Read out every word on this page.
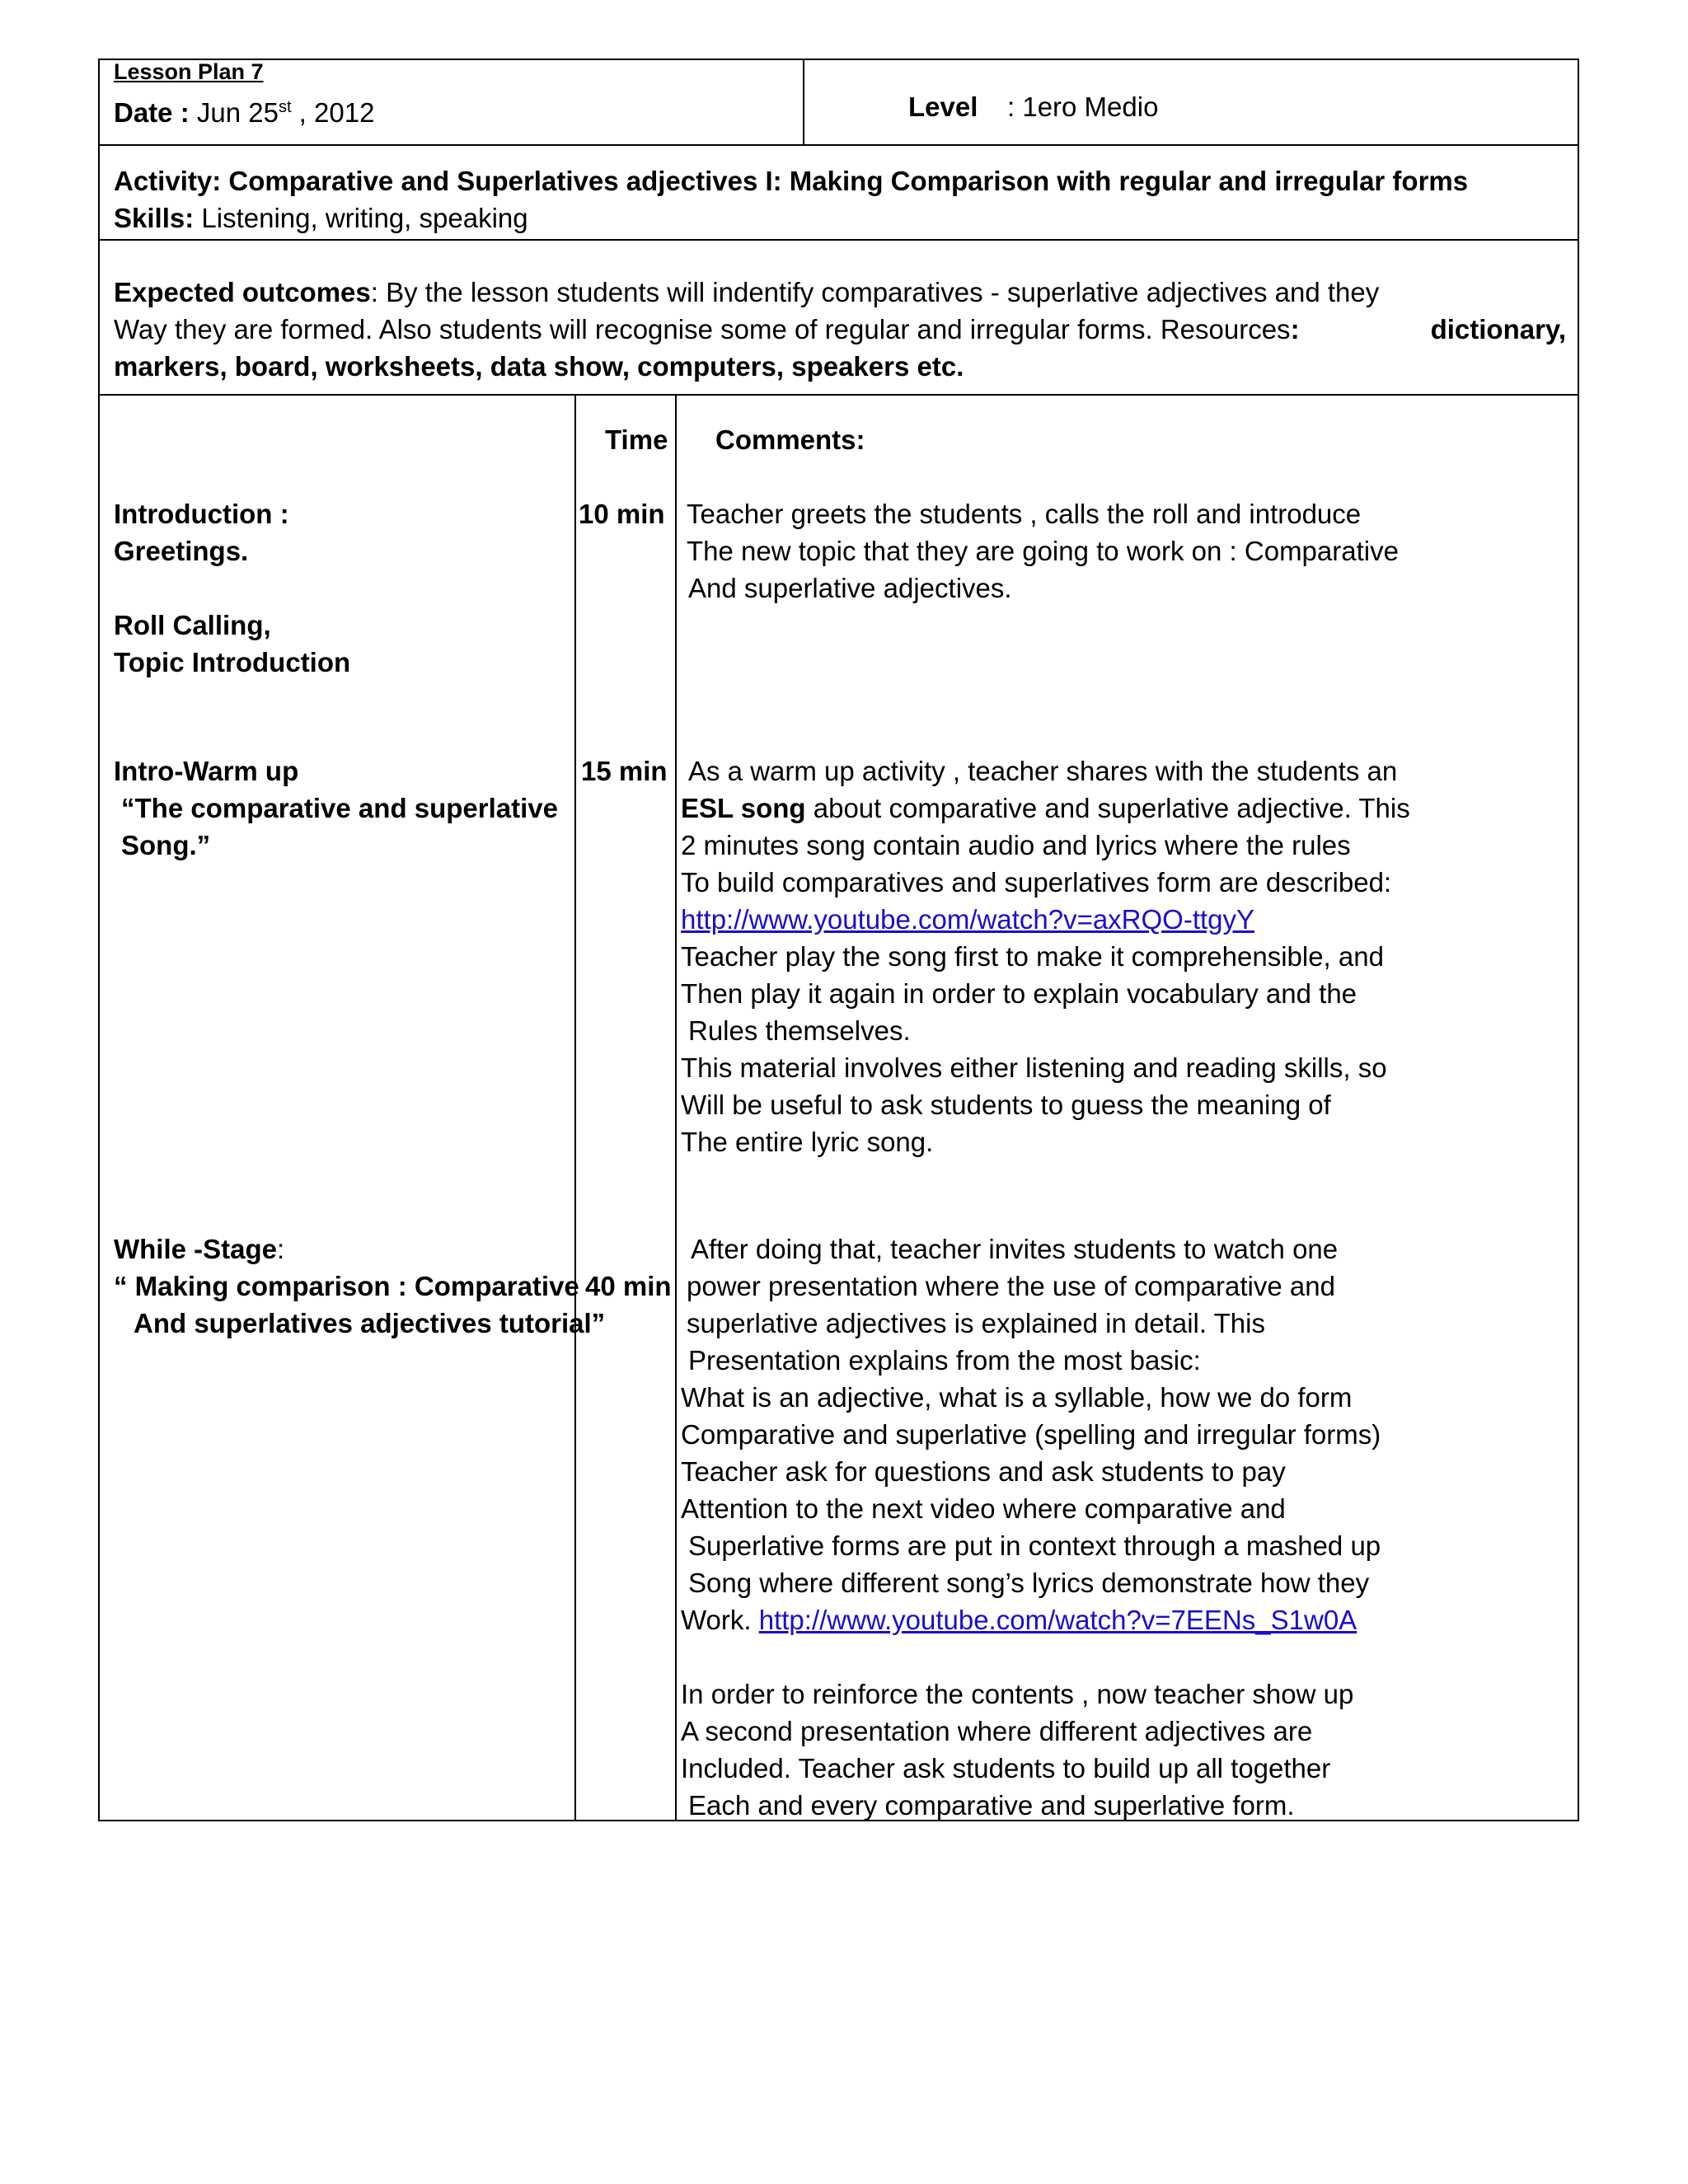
Lesson Plan 7
Date : Jun 25st , 2012	Level : 1ero Medio
Activity: Comparative and Superlatives adjectives I: Making Comparison with regular and irregular forms
Skills: Listening, writing, speaking
Expected outcomes: By the lesson students will indentify comparatives - superlative adjectives and they
Way they are formed. Also students will recognise some of regular and irregular forms. Resources:	dictionary,
markers, board, worksheets, data show, computers, speakers etc.
Time Comments:
Introduction :
Greetings.
Roll Calling,
Topic Introduction
10 min Teacher greets the students , calls the roll and introduce
The new topic that they are going to work on : Comparative
And superlative adjectives.
Intro-Warm up
“The comparative and superlative
Song.”
15 min As a warm up activity , teacher shares with the students an
ESL song about comparative and superlative adjective. This
2 minutes song contain audio and lyrics where the rules
To build comparatives and superlatives form are described:
http://www.youtube.com/watch?v=axRQO-ttgyY
Teacher play the song first to make it comprehensible, and
Then play it again in order to explain vocabulary and the
Rules themselves.
This material involves either listening and reading skills, so
Will be useful to ask students to guess the meaning of
The entire lyric song.
While -Stage:
“ Making comparison : Comparative
And superlatives adjectives tutorial”
40 min
After doing that, teacher invites students to watch one
power presentation where the use of comparative and
superlative adjectives is explained in detail. This
Presentation explains from the most basic:
What is an adjective, what is a syllable, how we do form
Comparative and superlative (spelling and irregular forms)
Teacher ask for questions and ask students to pay
Attention to the next video where comparative and
Superlative forms are put in context through a mashed up
Song where different song’s lyrics demonstrate how they
Work. http://www.youtube.com/watch?v=7EENs_S1w0A
In order to reinforce the contents , now teacher show up
A second presentation where different adjectives are
Included. Teacher ask students to build up all together
Each and every comparative and superlative form.
